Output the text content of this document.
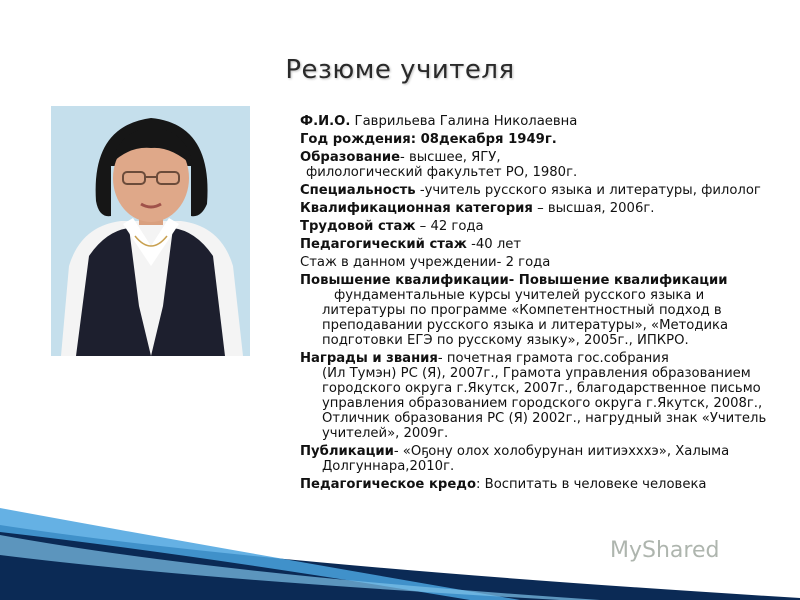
Резюме учителя
Ф.И.О. Гаврильева Галина Николаевна
Год рождения: 08декабря 1949г.
Образование- высшее, ЯГУ,
филологический факультет РО, 1980г.
Специальность -учитель русского языка и литературы, филолог
Квалификационная категория – высшая, 2006г.
Трудовой стаж – 42 года
Педагогический стаж -40 лет
Стаж в данном учреждении- 2 года
Повышение квалификации- Повышение квалификации
фундаментальные курсы учителей русского языка и литературы по программе «Компетентностный подход в преподавании русского языка и литературы», «Методика подготовки ЕГЭ по русскому языку», 2005г., ИПКРО.
Награды и звания- почетная грамота гос.собрания
(Ил Тумэн) РС (Я), 2007г., Грамота управления образованием городского округа г.Якутск, 2007г., благодарственное письмо управления образованием городского округа г.Якутск, 2008г., Отличник образования РС (Я) 2002г., нагрудный знак «Учитель учителей», 2009г.
Публикации- «Оҕону олох холобурунан иитиэхххэ», Халыма Долгуннара,2010г.
Педагогическое кредо: Воспитать в человеке человека
MyShared
